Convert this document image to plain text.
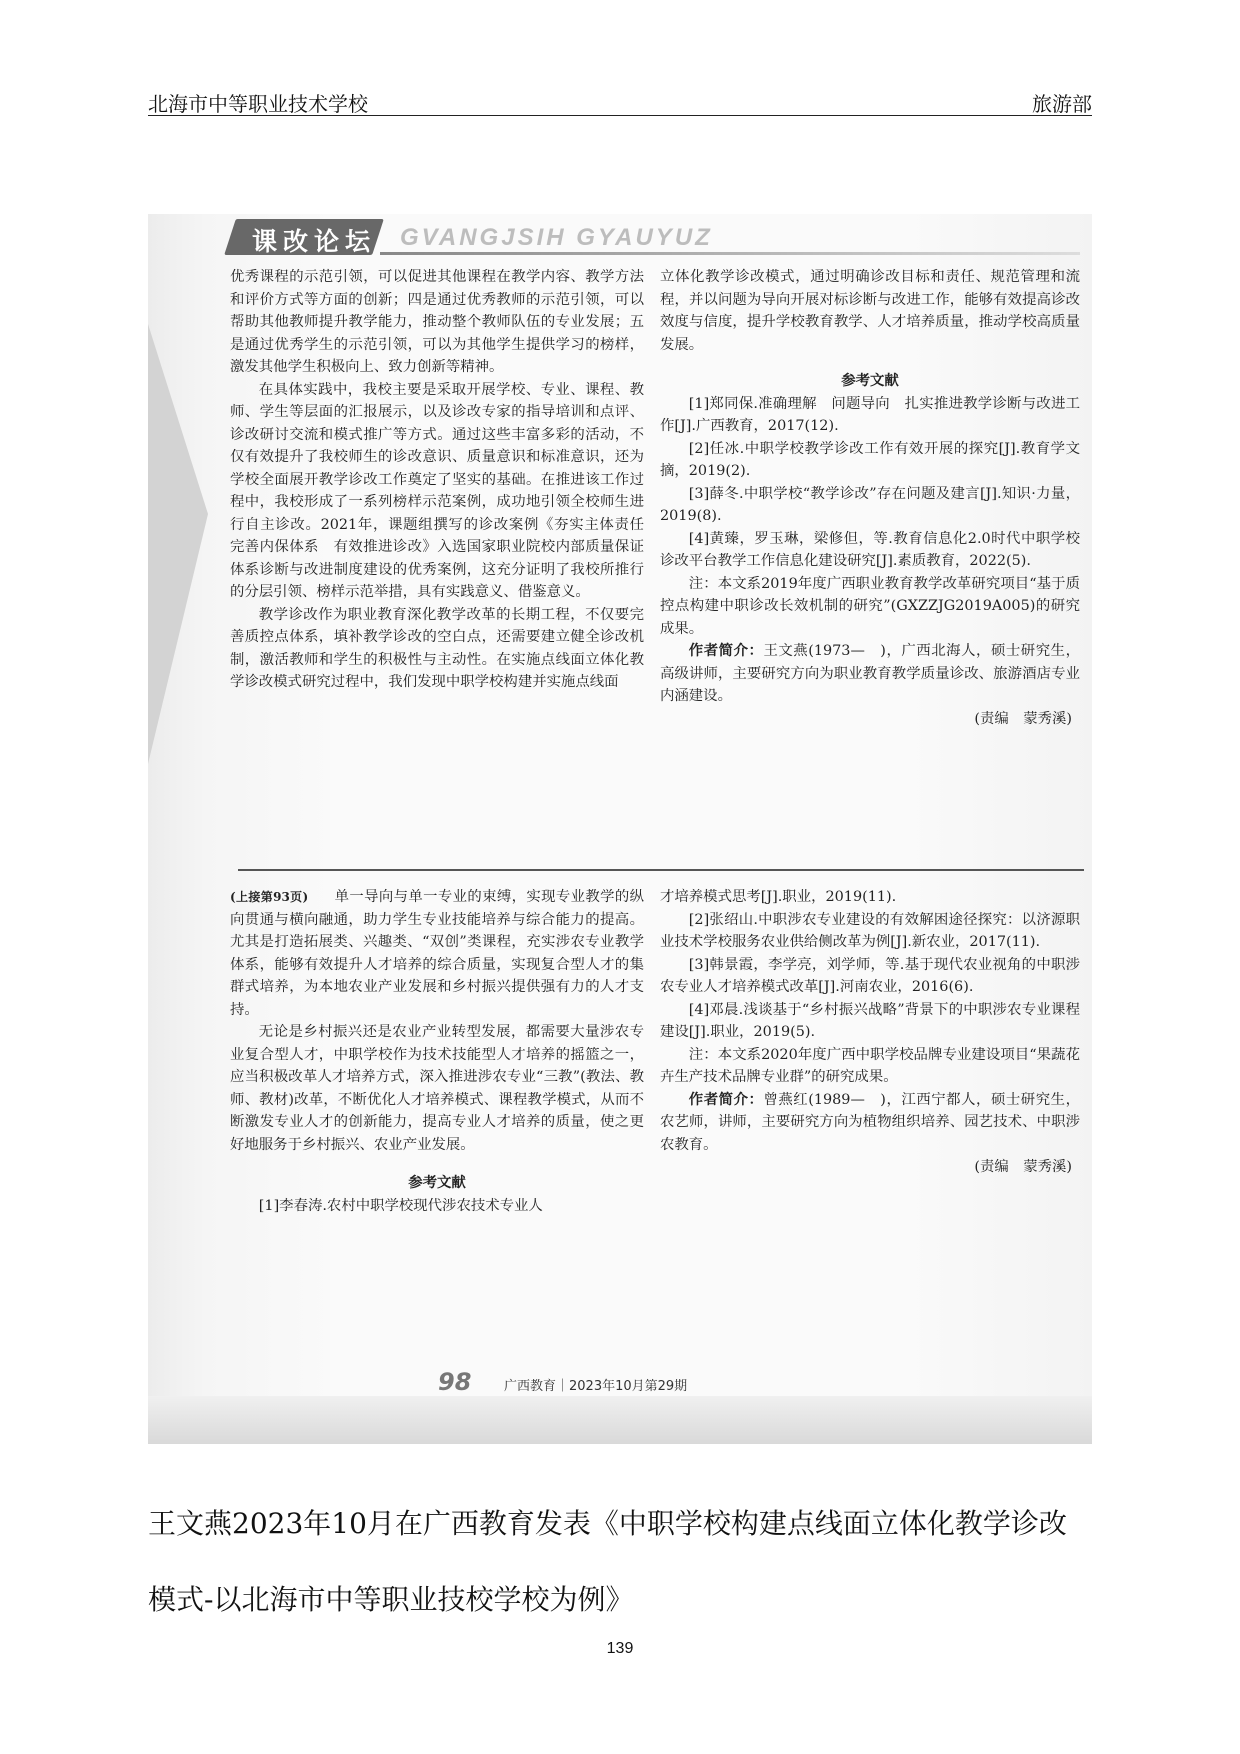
北海市中等职业技术学校	旅游部
课改论坛 GVANGJSIH GYAUYUZ

优秀课程的示范引领，可以促进其他课程在教学内容、教学方法和评价方式等方面的创新；四是通过优秀教师的示范引领，可以帮助其他教师提升教学能力，推动整个教师队伍的专业发展；五是通过优秀学生的示范引领，可以为其他学生提供学习的榜样，激发其他学生积极向上、致力创新等精神。

在具体实践中，我校主要是采取开展学校、专业、课程、教师、学生等层面的汇报展示，以及诊改专家的指导培训和点评、诊改研讨交流和模式推广等方式。通过这些丰富多彩的活动，不仅有效提升了我校师生的诊改意识、质量意识和标准意识，还为学校全面展开教学诊改工作奠定了坚实的基础。在推进该工作过程中，我校形成了一系列榜样示范案例，成功地引领全校师生进行自主诊改。2021年，课题组撰写的诊改案例《夯实主体责任　完善内保体系　有效推进诊改》入选国家职业院校内部质量保证体系诊断与改进制度建设的优秀案例，这充分证明了我校所推行的分层引领、榜样示范举措，具有实践意义、借鉴意义。

教学诊改作为职业教育深化教学改革的长期工程，不仅要完善质控点体系，填补教学诊改的空白点，还需要建立健全诊改机制，激活教师和学生的积极性与主动性。在实施点线面立体化教学诊改模式研究过程中，我们发现中职学校构建并实施点线面

立体化教学诊改模式，通过明确诊改目标和责任、规范管理和流程，并以问题为导向开展对标诊断与改进工作，能够有效提高诊改效度与信度，提升学校教育教学、人才培养质量，推动学校高质量发展。

参考文献

[1]郑同保.准确理解　问题导向　扎实推进教学诊断与改进工作[J].广西教育，2017(12).

[2]任冰.中职学校教学诊改工作有效开展的探究[J].教育学文摘，2019(2).

[3]薛冬.中职学校“教学诊改”存在问题及建言[J].知识·力量，2019(8).

[4]黄臻，罗玉琳，梁修但，等.教育信息化2.0时代中职学校诊改平台教学工作信息化建设研究[J].素质教育，2022(5).

注：本文系2019年度广西职业教育教学改革研究项目“基于质控点构建中职诊改长效机制的研究”(GXZZJG2019A005)的研究成果。

作者简介：王文燕(1973—　)，广西北海人，硕士研究生，高级讲师，主要研究方向为职业教育教学质量诊改、旅游酒店专业内涵建设。

(责编　蒙秀溪)

(上接第93页) 单一导向与单一专业的束缚，实现专业教学的纵向贯通与横向融通，助力学生专业技能培养与综合能力的提高。尤其是打造拓展类、兴趣类、“双创”类课程，充实涉农专业教学体系，能够有效提升人才培养的综合质量，实现复合型人才的集群式培养，为本地农业产业发展和乡村振兴提供强有力的人才支持。

无论是乡村振兴还是农业产业转型发展，都需要大量涉农专业复合型人才，中职学校作为技术技能型人才培养的摇篮之一，应当积极改革人才培养方式，深入推进涉农专业“三教”(教法、教师、教材)改革，不断优化人才培养模式、课程教学模式，从而不断激发专业人才的创新能力，提高专业人才培养的质量，使之更好地服务于乡村振兴、农业产业发展。

参考文献

[1]李春涛.农村中职学校现代涉农技术专业人

才培养模式思考[J].职业，2019(11).

[2]张绍山.中职涉农专业建设的有效解困途径探究：以济源职业技术学校服务农业供给侧改革为例[J].新农业，2017(11).

[3]韩景霞，李学亮，刘学师，等.基于现代农业视角的中职涉农专业人才培养模式改革[J].河南农业，2016(6).

[4]邓晨.浅谈基于“乡村振兴战略”背景下的中职涉农专业课程建设[J].职业，2019(5).

注：本文系2020年度广西中职学校品牌专业建设项目“果蔬花卉生产技术品牌专业群”的研究成果。

作者简介：曾燕红(1989—　)，江西宁都人，硕士研究生，农艺师，讲师，主要研究方向为植物组织培养、园艺技术、中职涉农教育。

(责编　蒙秀溪)

98	广西教育｜2023年10月第29期
王文燕2023年10月在广西教育发表《中职学校构建点线面立体化教学诊改模式-以北海市中等职业技校学校为例》
139
